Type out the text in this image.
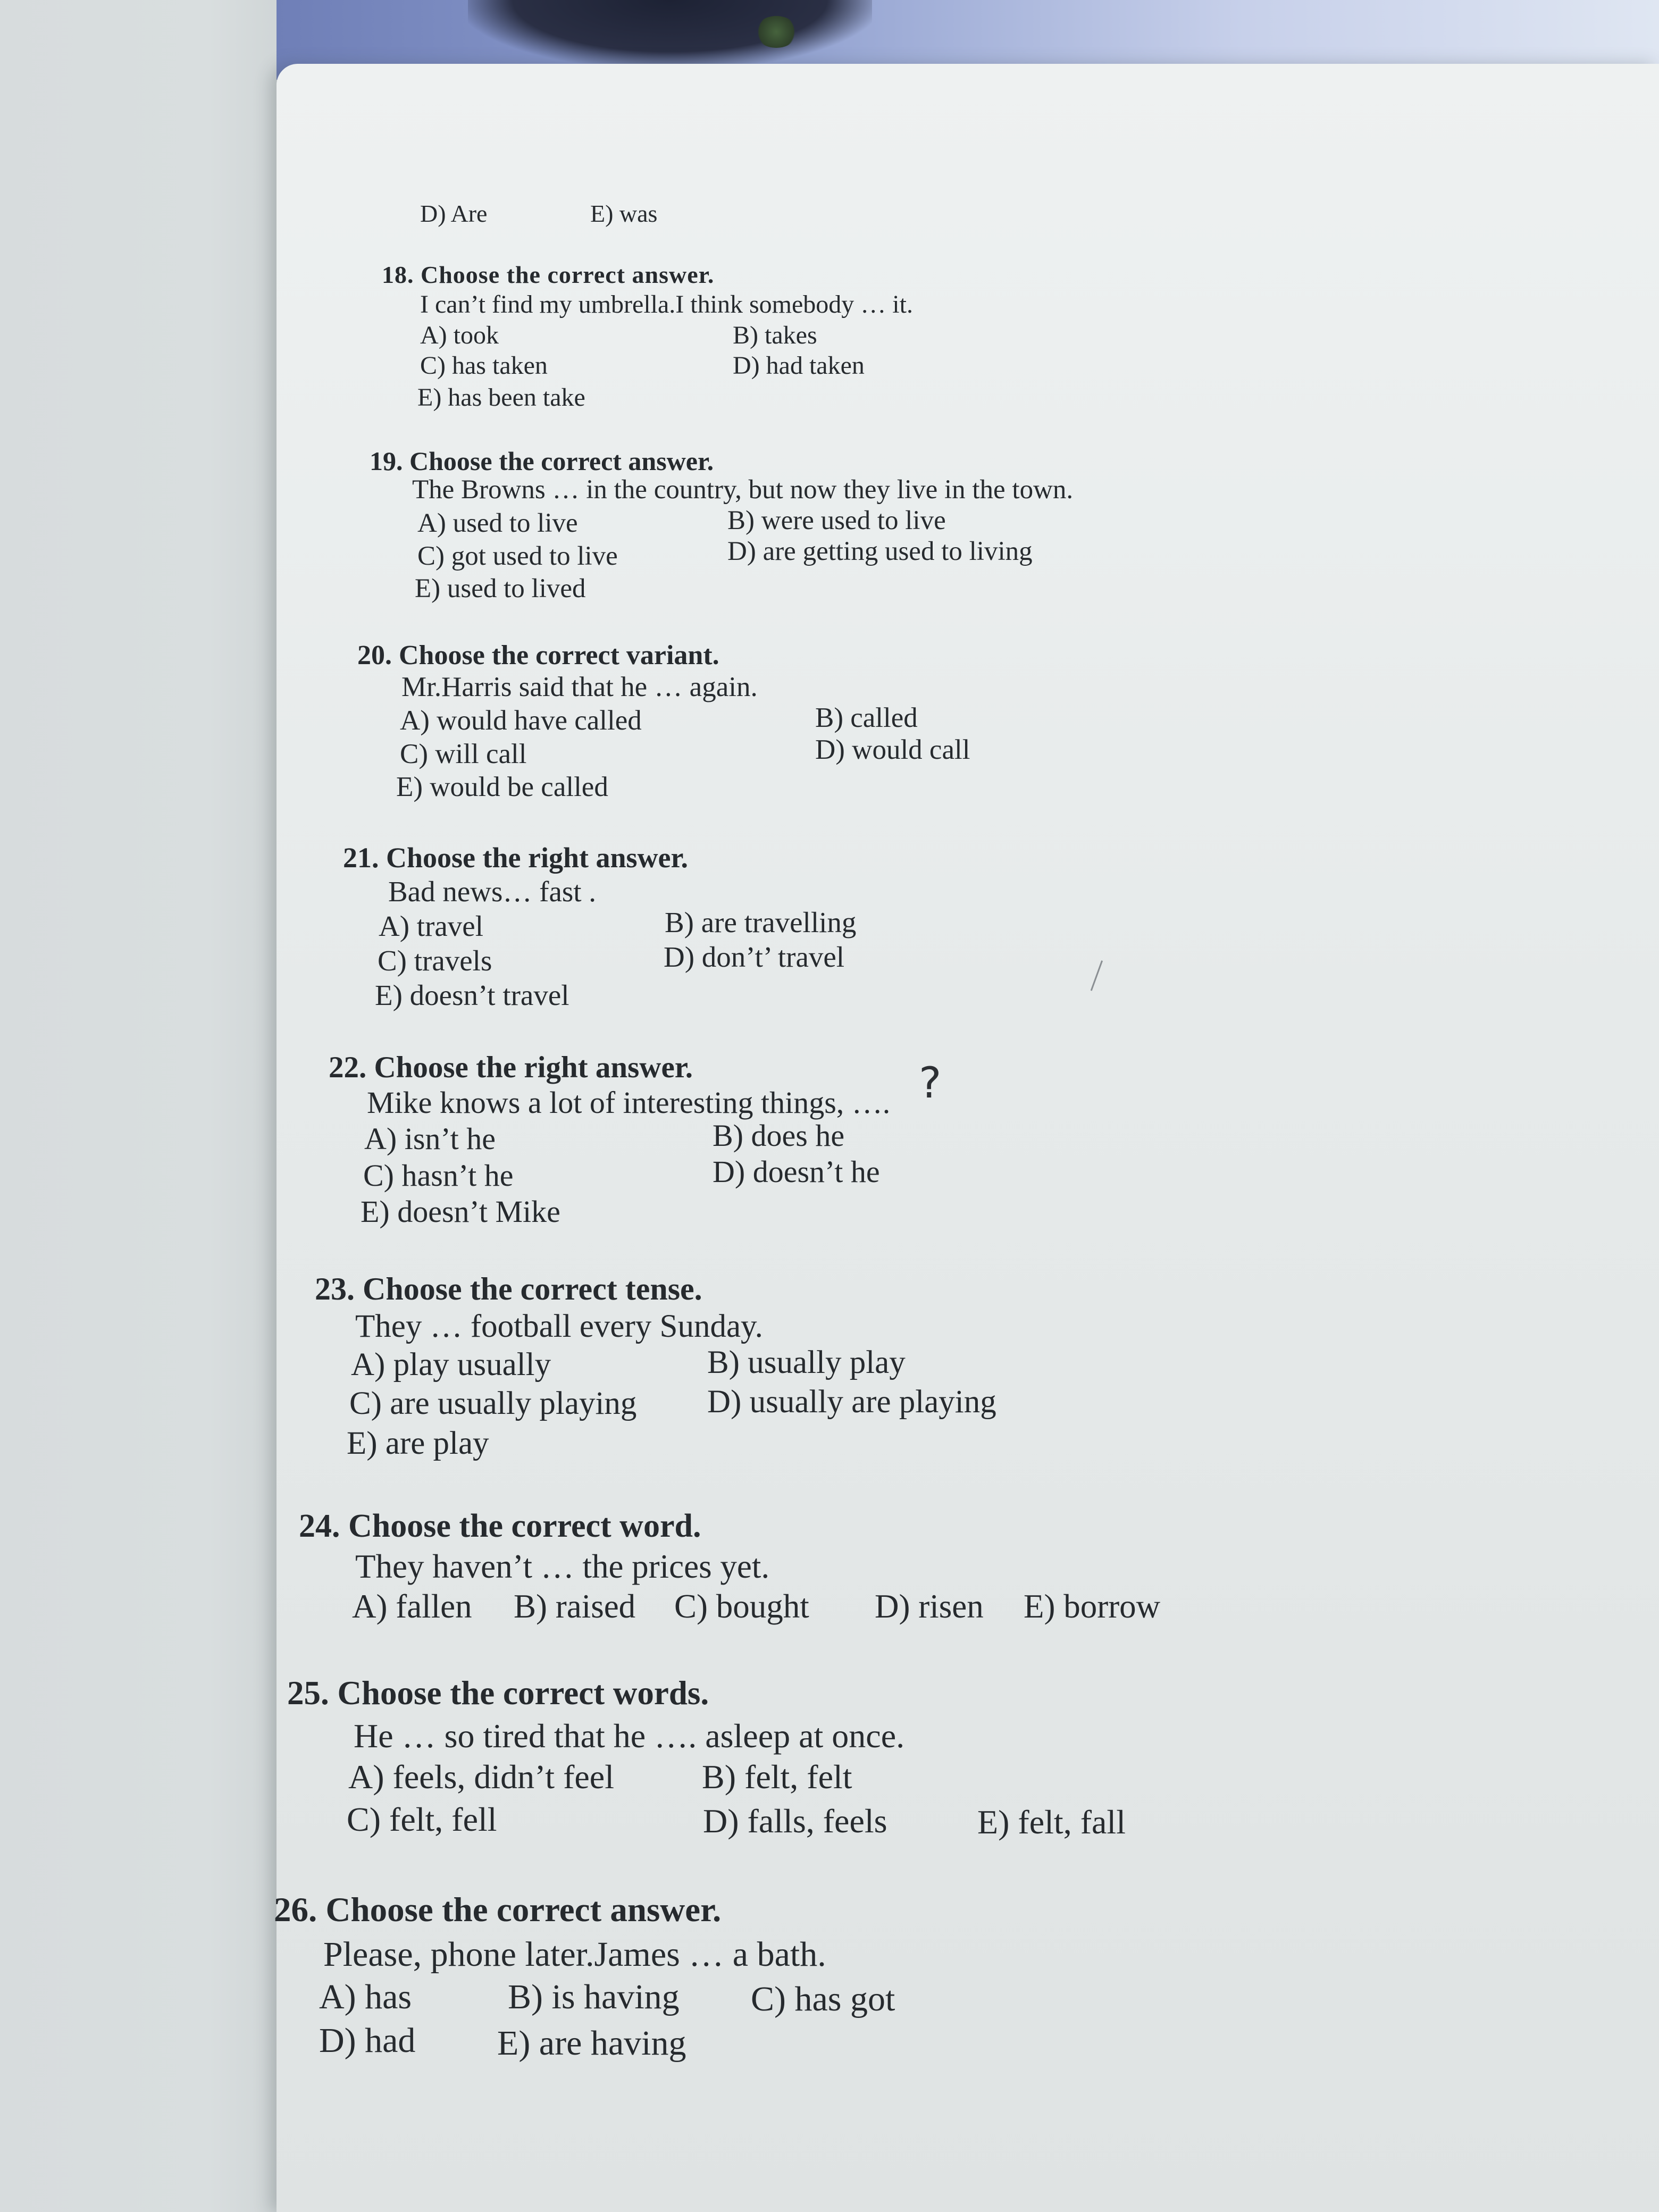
D) Are	E) was
18. Choose the correct answer.
I can’t find my umbrella.I think somebody … it.
A) took	B) takes
C) has taken	D) had taken
E) has been take
19. Choose the correct answer.
The Browns … in the country, but now they live in the town.
A) used to live	B) were used to live
C) got used to live	D) are getting used to living
E) used to lived
20. Choose the correct variant.
Mr.Harris said that he … again.
A) would have called	B) called
C) will call	D) would call
E) would be called
21. Choose the right answer.
Bad news… fast .
A) travel	B) are travelling
C) travels	D) don’t’ travel
E) doesn’t travel
22. Choose the right answer.
Mike knows a lot of interesting things, …. ?
A) isn’t he	B) does he
C) hasn’t he	D) doesn’t he
E) doesn’t Mike
23. Choose the correct tense.
They … football every Sunday.
A) play usually	B) usually play
C) are usually playing D) usually are playing
E) are play
24. Choose the correct word.
They haven’t … the prices yet.
A) fallen B) raised C) bought D) risen E) borrow
25. Choose the correct words.
He … so tired that he …. asleep at once.
A) feels, didn’t feel	B) felt, felt
C) felt, fell	D) falls, feels	E) felt, fall
26. Choose the correct answer.
Please, phone later.James … a bath.
A) has	B) is having C) has got
D) had E) are having
